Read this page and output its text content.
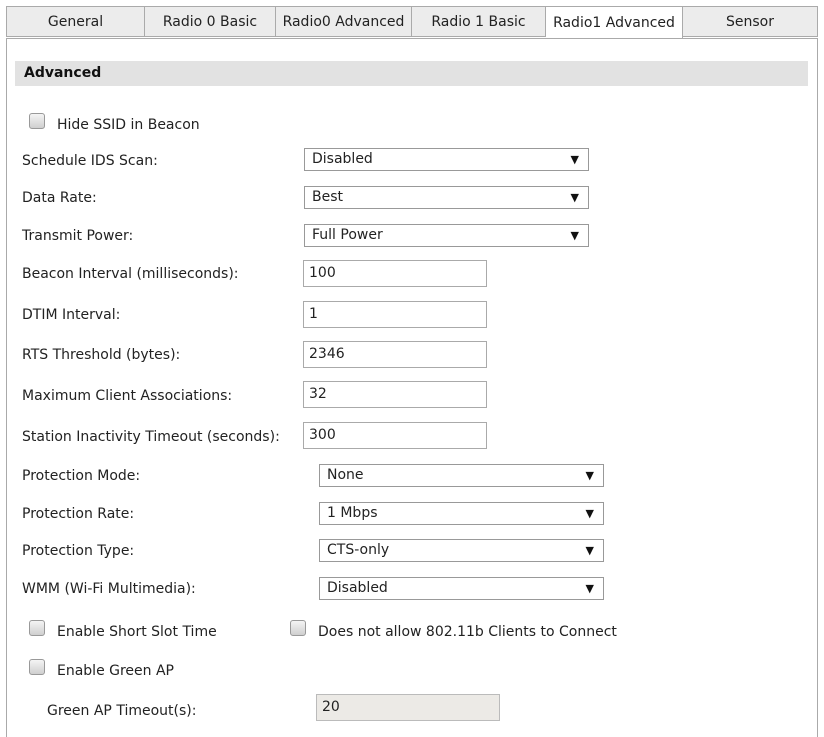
General	Radio 0 Basic	Radio0 Advanced	Radio 1 Basic	Radio1 Advanced	Sensor
Advanced
Hide SSID in Beacon
Schedule IDS Scan:	Disabled	▼
Data Rate:	Best	▼
Transmit Power:	Full Power	▼
Beacon Interval (milliseconds):	100
DTIM Interval:	1
RTS Threshold (bytes):	2346
Maximum Client Associations:	32
Station Inactivity Timeout (seconds):	300
Protection Mode:	None	▼
Protection Rate:	1 Mbps	▼
Protection Type:	CTS-only	▼
WMM (Wi-Fi Multimedia):	Disabled	▼
Enable Short Slot Time	Does not allow 802.11b Clients to Connect
Enable Green AP
Green AP Timeout(s):	20
